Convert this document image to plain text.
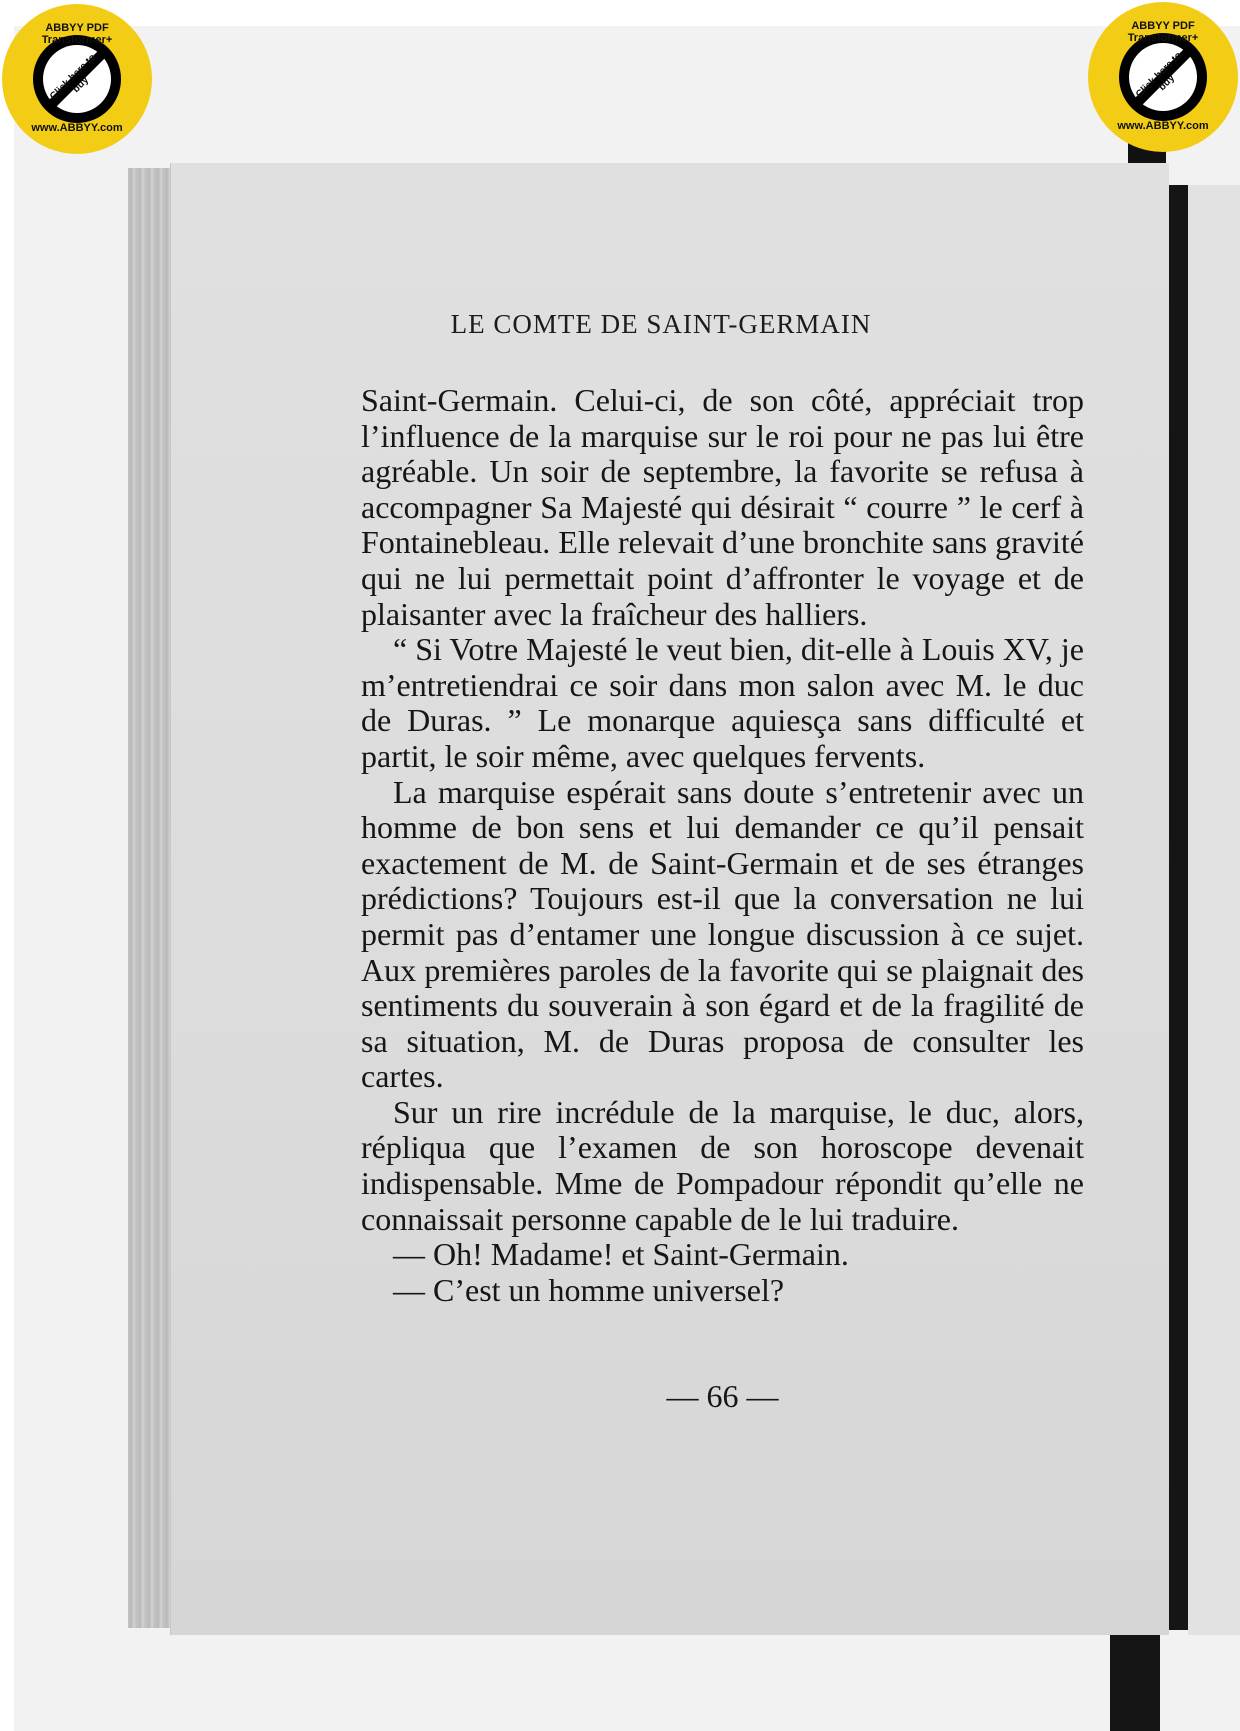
LE COMTE DE SAINT-GERMAIN

Saint-Germain. Celui-ci, de son côté, appréciait trop l’influence de la marquise sur le roi pour ne pas lui être agréable. Un soir de septembre, la favorite se refusa à accompagner Sa Majesté qui désirait “ courre ” le cerf à Fontainebleau. Elle relevait d’une bronchite sans gravité qui ne lui permettait point d’affronter le voyage et de plaisanter avec la fraîcheur des halliers.

“ Si Votre Majesté le veut bien, dit-elle à Louis XV, je m’entretiendrai ce soir dans mon salon avec M. le duc de Duras. ” Le monarque aquiesça sans difficulté et partit, le soir même, avec quelques fervents.

La marquise espérait sans doute s’entretenir avec un homme de bon sens et lui demander ce qu’il pensait exactement de M. de Saint-Germain et de ses étranges prédictions? Toujours est-il que la conversation ne lui permit pas d’entamer une longue discussion à ce sujet. Aux premières paroles de la favorite qui se plaignait des sentiments du souverain à son égard et de la fragilité de sa situation, M. de Duras proposa de consulter les cartes.

Sur un rire incrédule de la marquise, le duc, alors, répliqua que l’examen de son horoscope devenait indispensable. Mme de Pompadour répondit qu’elle ne connaissait personne capable de le lui traduire.

— Oh! Madame! et Saint-Germain.

— C’est un homme universel?

— 66 —
ABBYY PDF Transformer+
Click here to buy
www.ABBYY.com
ABBYY PDF Transformer+
Click here to buy
www.ABBYY.com
